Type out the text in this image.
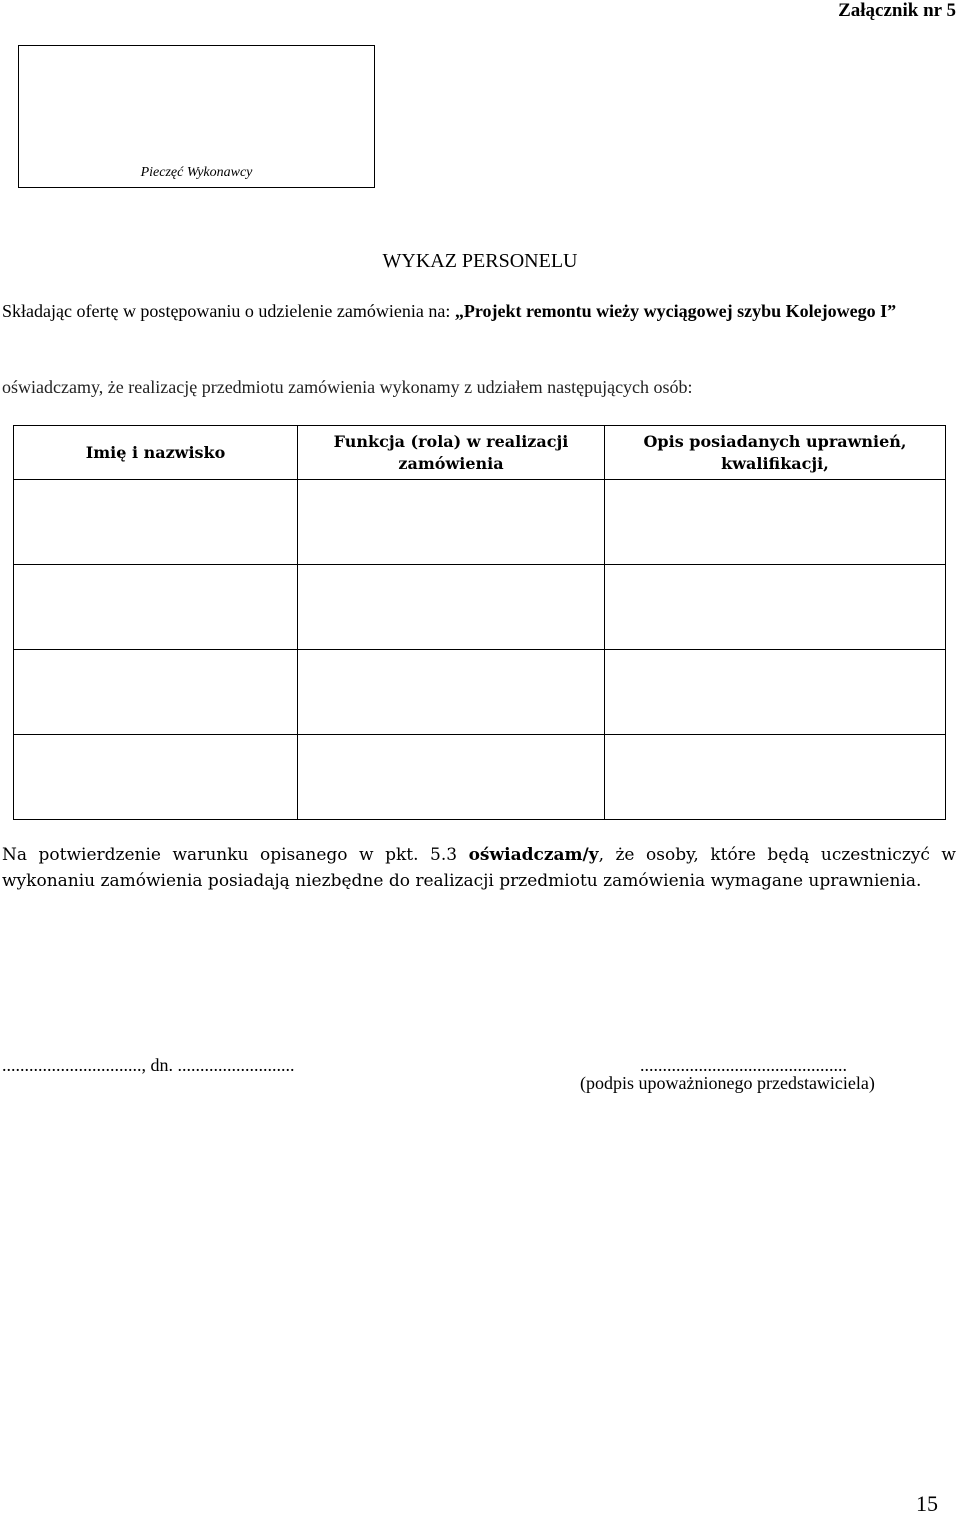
Załącznik nr 5
Pieczęć Wykonawcy
WYKAZ PERSONELU
Składając ofertę w postępowaniu o udzielenie zamówienia na: „Projekt remontu wieży wyciągowej szybu Kolejowego I”
oświadczamy, że realizację przedmiotu zamówienia wykonamy z udziałem następujących osób:
Imię i nazwisko	Funkcja (rola) w realizacji zamówienia	Opis posiadanych uprawnień, kwalifikacji,

Na potwierdzenie warunku opisanego w pkt. 5.3 oświadczam/y, że osoby, które będą uczestniczyć w wykonaniu zamówienia posiadają niezbędne do realizacji przedmiotu zamówienia wymagane uprawnienia.
..............................., dn. ..........................	..............................................
(podpis upoważnionego przedstawiciela)
15
